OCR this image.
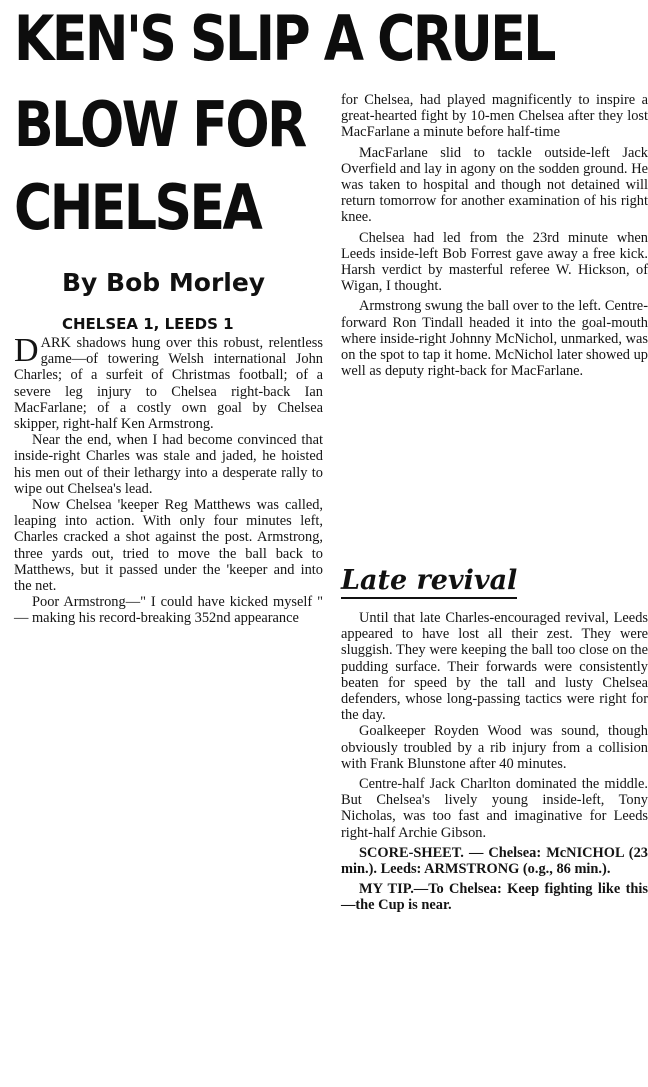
KEN'S SLIP A CRUEL
BLOW FOR
CHELSEA
By Bob Morley
CHELSEA 1, LEEDS 1

DARK shadows hung over this robust, relentless game—of towering Welsh international John Charles; of a surfeit of Christmas football; of a severe leg injury to Chelsea right-back Ian MacFarlane; of a costly own goal by Chelsea skipper, right-half Ken Armstrong.

Near the end, when I had become convinced that inside-right Charles was stale and jaded, he hoisted his men out of their lethargy into a desperate rally to wipe out Chelsea's lead.

Now Chelsea 'keeper Reg Matthews was called, leaping into action. With only four minutes left, Charles cracked a shot against the post. Armstrong, three yards out, tried to move the ball back to Matthews, but it passed under the 'keeper and into the net.

Poor Armstrong—" I could have kicked myself " — making his record-breaking 352nd appearance

for Chelsea, had played magnificently to inspire a great-hearted fight by 10-men Chelsea after they lost MacFarlane a minute before half-time

MacFarlane slid to tackle outside-left Jack Overfield and lay in agony on the sodden ground. He was taken to hospital and though not detained will return tomorrow for another examination of his right knee.

Chelsea had led from the 23rd minute when Leeds inside-left Bob Forrest gave away a free kick. Harsh verdict by masterful referee W. Hickson, of Wigan, I thought.

Armstrong swung the ball over to the left. Centre-forward Ron Tindall headed it into the goal-mouth where inside-right Johnny McNichol, unmarked, was on the spot to tap it home. McNichol later showed up well as deputy right-back for MacFarlane.

Late revival

Until that late Charles-encouraged revival, Leeds appeared to have lost all their zest. They were sluggish. They were keeping the ball too close on the pudding surface. Their forwards were consistently beaten for speed by the tall and lusty Chelsea defenders, whose long-passing tactics were right for the day.

Goalkeeper Royden Wood was sound, though obviously troubled by a rib injury from a collision with Frank Blunstone after 40 minutes.

Centre-half Jack Charlton dominated the middle. But Chelsea's lively young inside-left, Tony Nicholas, was too fast and imaginative for Leeds right-half Archie Gibson.

SCORE-SHEET. — Chelsea: McNICHOL (23 min.). Leeds: ARMSTRONG (o.g., 86 min.).

MY TIP.—To Chelsea: Keep fighting like this—the Cup is near.
